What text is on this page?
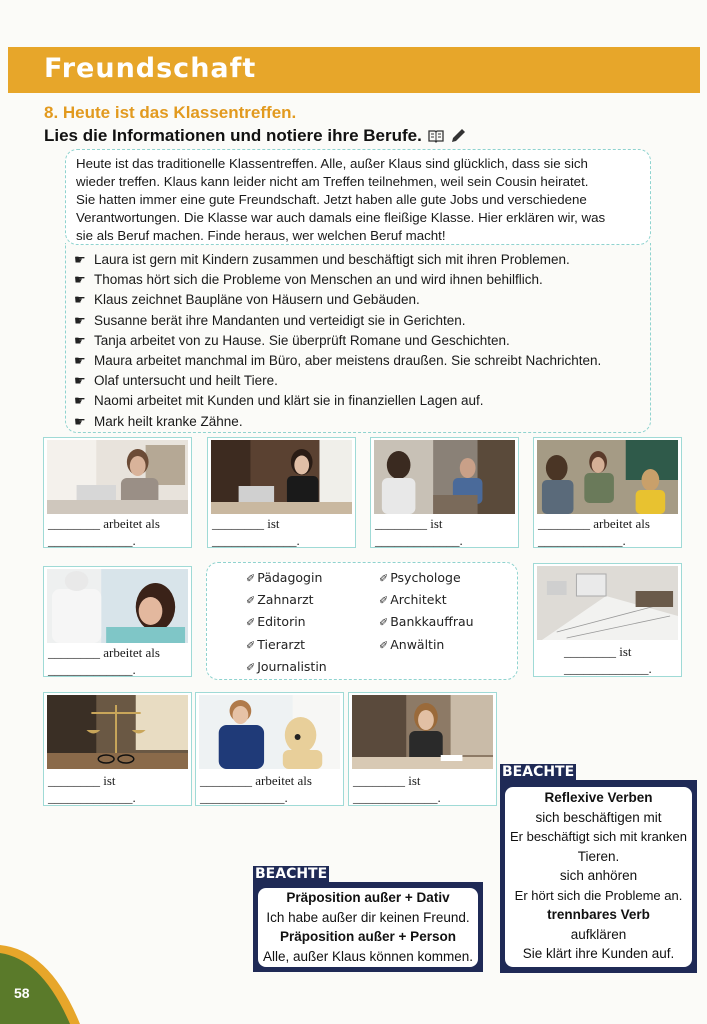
Freundschaft
8. Heute ist das Klassentreffen.
Lies die Informationen und notiere ihre Berufe.
Heute ist das traditionelle Klassentreffen. Alle, außer Klaus sind glücklich, dass sie sich
wieder treffen. Klaus kann leider nicht am Treffen teilnehmen, weil sein Cousin heiratet.
Sie hatten immer eine gute Freundschaft. Jetzt haben alle gute Jobs und verschiedene
Verantwortungen. Die Klasse war auch damals eine fleißige Klasse. Hier erklären wir, was
sie als Beruf machen. Finde heraus, wer welchen Beruf macht!
☛ Laura ist gern mit Kindern zusammen und beschäftigt sich mit ihren Problemen.
☛ Thomas hört sich die Probleme von Menschen an und wird ihnen behilflich.
☛ Klaus zeichnet Baupläne von Häusern und Gebäuden.
☛ Susanne berät ihre Mandanten und verteidigt sie in Gerichten.
☛ Tanja arbeitet von zu Hause. Sie überprüft Romane und Geschichten.
☛ Maura arbeitet manchmal im Büro, aber meistens draußen. Sie schreibt Nachrichten.
☛ Olaf untersucht und heilt Tiere.
☛ Naomi arbeitet mit Kunden und klärt sie in finanziellen Lagen auf.
☛ Mark heilt kranke Zähne.
________ arbeitet als
_____________.
________ ist
_____________.
________ ist
_____________.
________ arbeitet als
_____________.
________ arbeitet als
_____________.
✐ Pädagogin
✐ Zahnarzt
✐ Editorin
✐ Tierarzt
✐ Journalistin
✐ Psychologe
✐ Architekt
✐ Bankkauffrau
✐ Anwältin	________ ist
_____________.
________ ist
_____________.
________ arbeitet als
_____________.
________ ist
_____________.
BEACHTE
Reflexive Verben
sich beschäftigen mit
Er beschäftigt sich mit kranken
Tieren.
sich anhören
Er hört sich die Probleme an.
trennbares Verb
aufklären
Sie klärt ihre Kunden auf.
BEACHTE
Präposition außer + Dativ
Ich habe außer dir keinen Freund.
Präposition außer + Person
Alle, außer Klaus können kommen.
58
